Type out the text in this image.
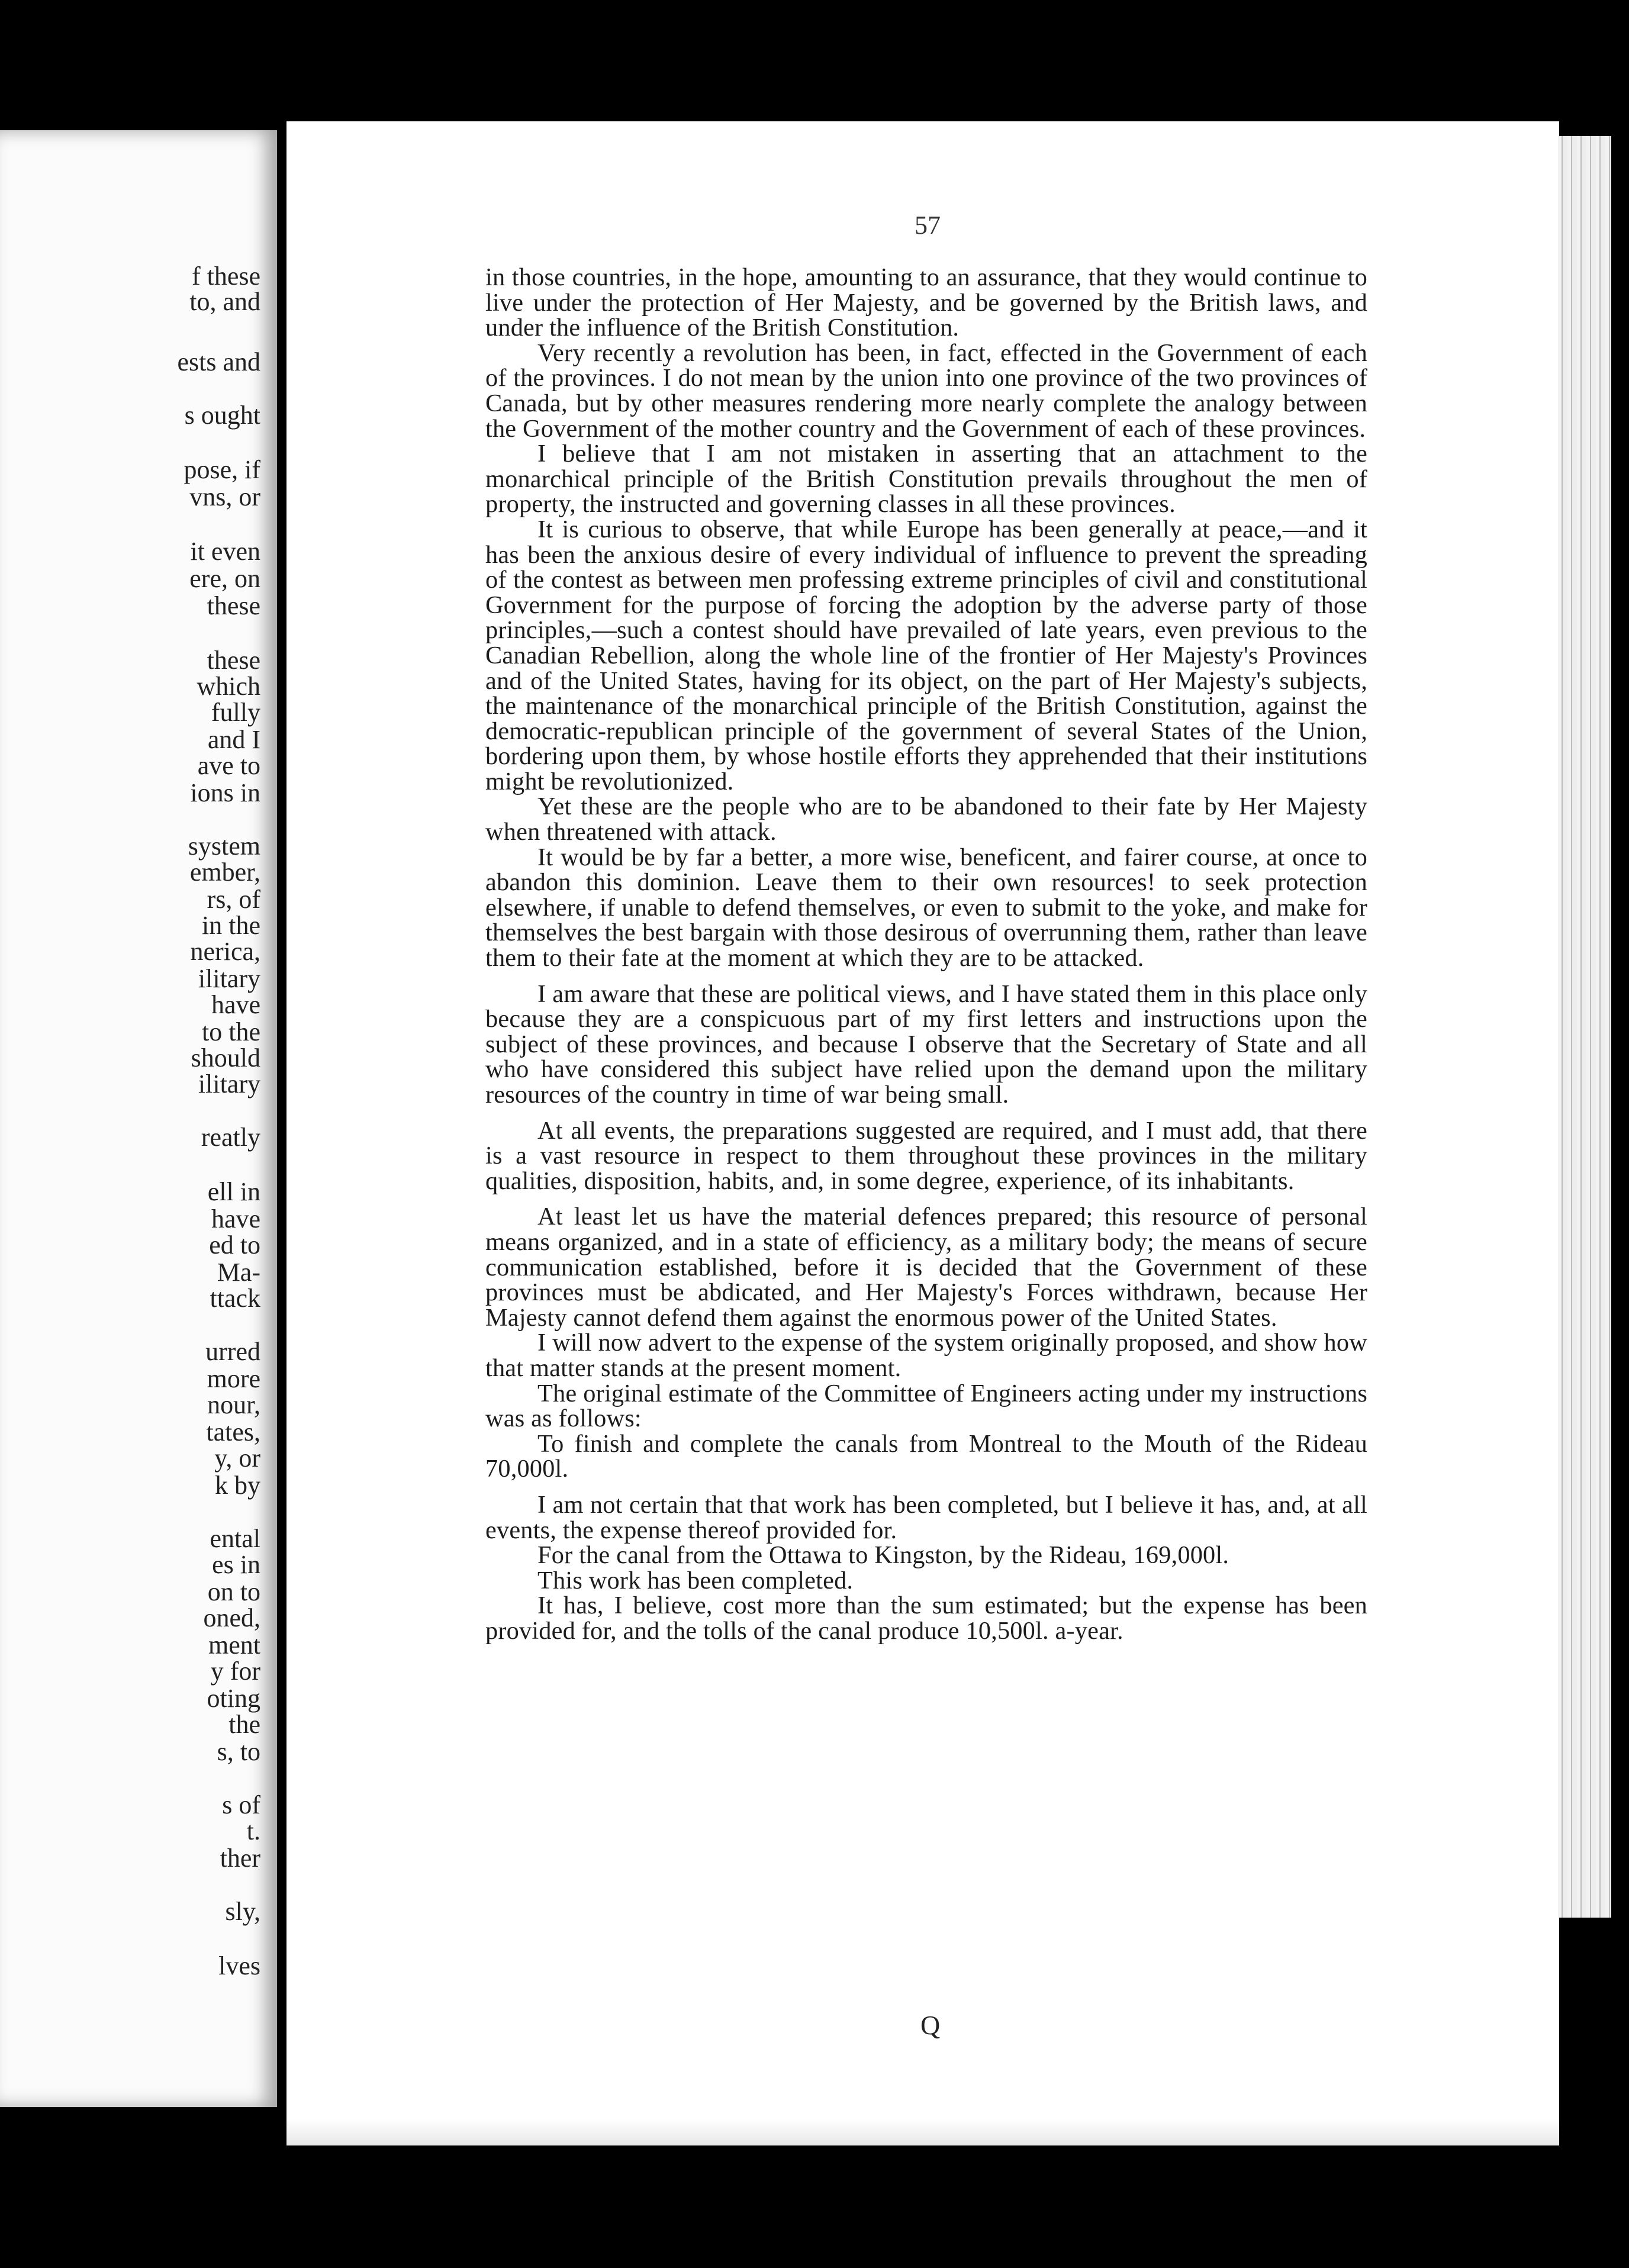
f these
to, and
ests and
s ought
pose, if
vns, or
it even
ere, on
these
these
which
fully
and I
ave to
ions in
system
ember,
rs, of
in the
nerica,
ilitary
have
to the
should
ilitary
reatly
ell in
have
ed to
Ma-
ttack
urred
more
nour,
tates,
y, or
k by
ental
es in
on to
oned,
ment
y for
oting
the
s, to
s of
t.
ther
sly,
lves
57

in those countries, in the hope, amounting to an assurance, that they would continue to live under the protection of Her Majesty, and be governed by the British laws, and under the influence of the British Constitution.

Very recently a revolution has been, in fact, effected in the Government of each of the provinces. I do not mean by the union into one province of the two provinces of Canada, but by other measures rendering more nearly complete the analogy between the Government of the mother country and the Government of each of these provinces.

I believe that I am not mistaken in asserting that an attachment to the monarchical principle of the British Constitution prevails throughout the men of property, the instructed and governing classes in all these provinces.

It is curious to observe, that while Europe has been generally at peace,—and it has been the anxious desire of every individual of influence to prevent the spreading of the contest as between men professing extreme principles of civil and constitutional Government for the purpose of forcing the adoption by the adverse party of those principles,—such a contest should have prevailed of late years, even previous to the Canadian Rebellion, along the whole line of the frontier of Her Majesty's Provinces and of the United States, having for its object, on the part of Her Majesty's subjects, the maintenance of the monarchical principle of the British Constitution, against the democratic-republican principle of the government of several States of the Union, bordering upon them, by whose hostile efforts they apprehended that their institutions might be revolutionized.

Yet these are the people who are to be abandoned to their fate by Her Majesty when threatened with attack.

It would be by far a better, a more wise, beneficent, and fairer course, at once to abandon this dominion. Leave them to their own resources! to seek protection elsewhere, if unable to defend themselves, or even to submit to the yoke, and make for themselves the best bargain with those desirous of overrunning them, rather than leave them to their fate at the moment at which they are to be attacked.

I am aware that these are political views, and I have stated them in this place only because they are a conspicuous part of my first letters and instructions upon the subject of these provinces, and because I observe that the Secretary of State and all who have considered this subject have relied upon the demand upon the military resources of the country in time of war being small.

At all events, the preparations suggested are required, and I must add, that there is a vast resource in respect to them throughout these provinces in the military qualities, disposition, habits, and, in some degree, experience, of its inhabitants.

At least let us have the material defences prepared; this resource of personal means organized, and in a state of efficiency, as a military body; the means of secure communication established, before it is decided that the Government of these provinces must be abdicated, and Her Majesty's Forces withdrawn, because Her Majesty cannot defend them against the enormous power of the United States.

I will now advert to the expense of the system originally proposed, and show how that matter stands at the present moment.

The original estimate of the Committee of Engineers acting under my instructions was as follows:

To finish and complete the canals from Montreal to the Mouth of the Rideau 70,000l.

I am not certain that that work has been completed, but I believe it has, and, at all events, the expense thereof provided for.

For the canal from the Ottawa to Kingston, by the Rideau, 169,000l.

This work has been completed.

It has, I believe, cost more than the sum estimated; but the expense has been provided for, and the tolls of the canal produce 10,500l. a-year.

Q
